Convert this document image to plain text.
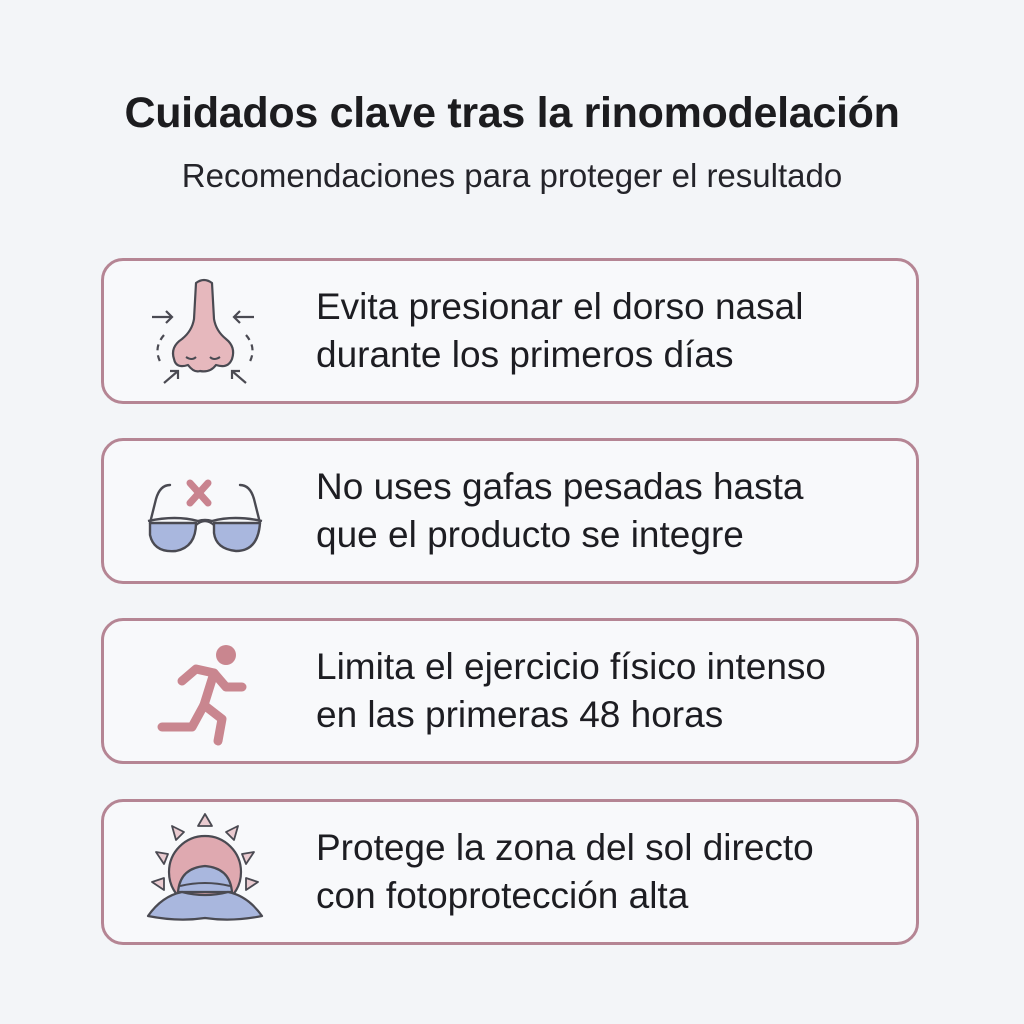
Cuidados clave tras la rinomodelación

Recomendaciones para proteger el resultado

Evita presionar el dorso nasal
durante los primeros días
No uses gafas pesadas hasta
que el producto se integre
Limita el ejercicio físico intenso
en las primeras 48 horas
Protege la zona del sol directo
con fotoprotección alta
